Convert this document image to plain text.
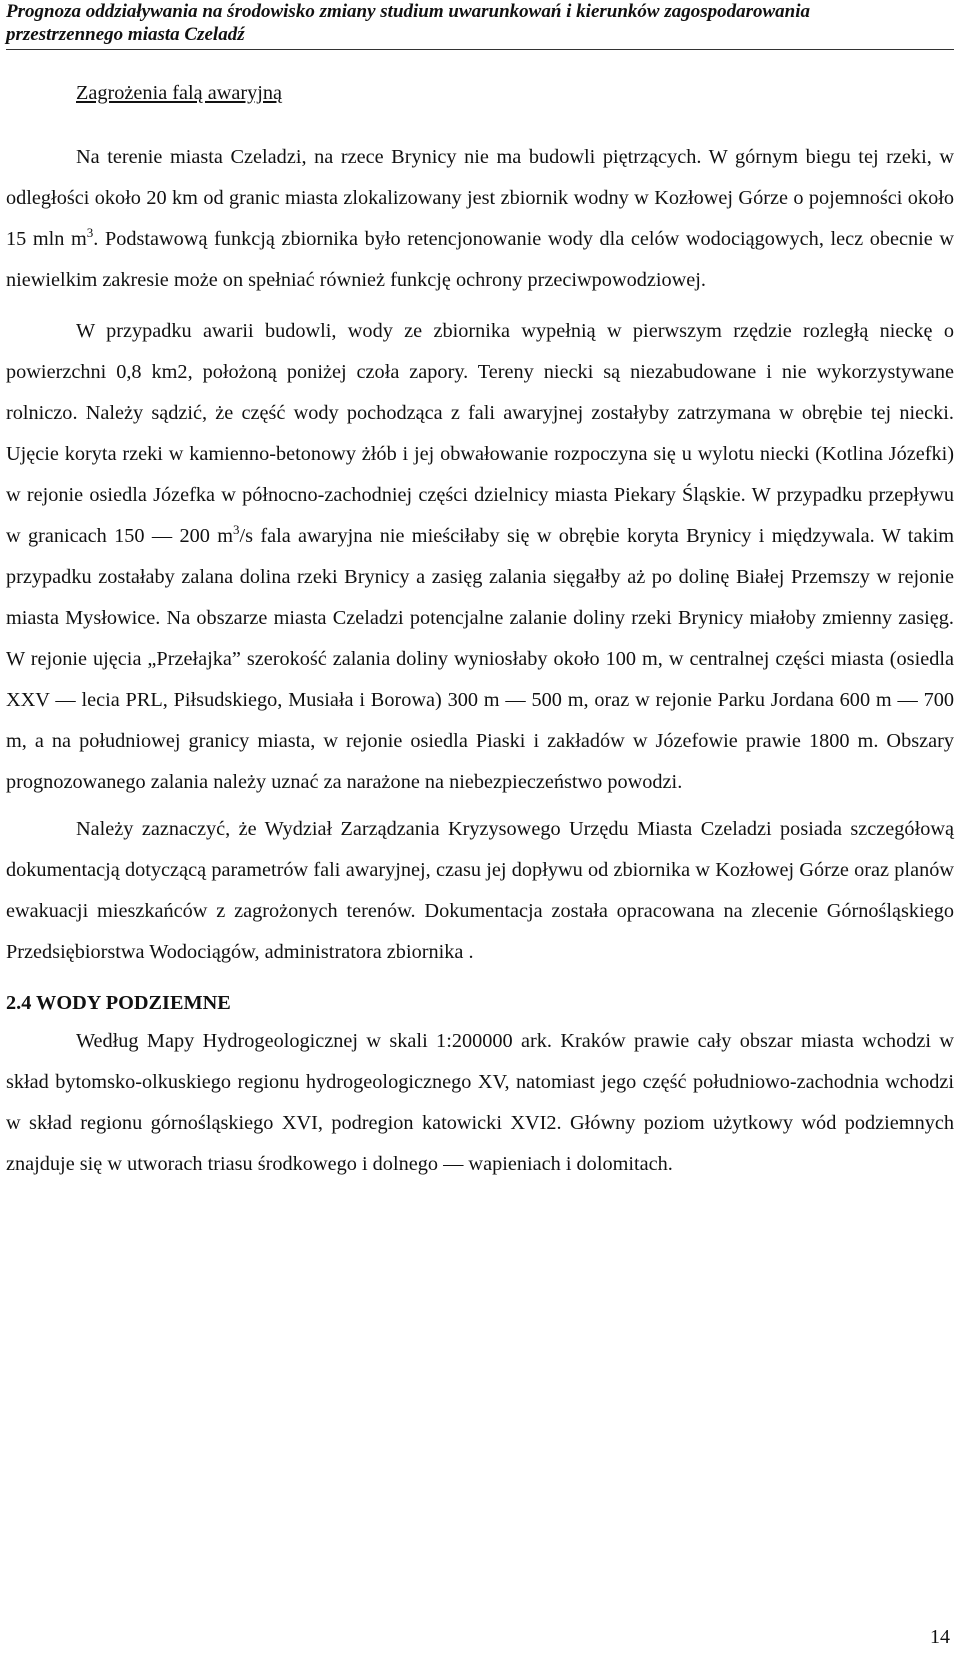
Prognoza oddziaływania na środowisko zmiany studium uwarunkowań i kierunków zagospodarowania
przestrzennego miasta Czeladź
Zagrożenia falą awaryjną

Na terenie miasta Czeladzi, na rzece Brynicy nie ma budowli piętrzących. W górnym biegu tej rzeki, w odległości około 20 km od granic miasta zlokalizowany jest zbiornik wodny w Kozłowej Górze o pojemności około 15 mln $m^3$. Podstawową funkcją zbiornika było retencjonowanie wody dla celów wodociągowych, lecz obecnie w niewielkim zakresie może on spełniać również funkcję ochrony przeciwpowodziowej.

W przypadku awarii budowli, wody ze zbiornika wypełnią w pierwszym rzędzie rozległą nieckę o powierzchni 0,8 km2, położoną poniżej czoła zapory. Tereny niecki są niezabudowane i nie wykorzystywane rolniczo. Należy sądzić, że część wody pochodząca z fali awaryjnej zostałyby zatrzymana w obrębie tej niecki. Ujęcie koryta rzeki w kamienno-betonowy żłób i jej obwałowanie rozpoczyna się u wylotu niecki (Kotlina Józefki) w rejonie osiedla Józefka w północno-zachodniej części dzielnicy miasta Piekary Śląskie. W przypadku przepływu w granicach 150 — 200 $m^3/s$ fala awaryjna nie mieściłaby się w obrębie koryta Brynicy i międzywala. W takim przypadku zostałaby zalana dolina rzeki Brynicy a zasięg zalania sięgałby aż po dolinę Białej Przemszy w rejonie miasta Mysłowice. Na obszarze miasta Czeladzi potencjalne zalanie doliny rzeki Brynicy miałoby zmienny zasięg. W rejonie ujęcia „Przełajka” szerokość zalania doliny wyniosłaby około 100 m, w centralnej części miasta (osiedla XXV — lecia PRL, Piłsudskiego, Musiała i Borowa) 300 m — 500 m, oraz w rejonie Parku Jordana 600 m — 700 m, a na południowej granicy miasta, w rejonie osiedla Piaski i zakładów w Józefowie prawie 1800 m. Obszary prognozowanego zalania należy uznać za narażone na niebezpieczeństwo powodzi.

Należy zaznaczyć, że Wydział Zarządzania Kryzysowego Urzędu Miasta Czeladzi posiada szczegółową dokumentacją dotyczącą parametrów fali awaryjnej, czasu jej dopływu od zbiornika w Kozłowej Górze oraz planów ewakuacji mieszkańców z zagrożonych terenów. Dokumentacja została opracowana na zlecenie Górnośląskiego Przedsiębiorstwa Wodociągów, administratora zbiornika .

2.4 WODY PODZIEMNE

Według Mapy Hydrogeologicznej w skali 1:200000 ark. Kraków prawie cały obszar miasta wchodzi w skład bytomsko-olkuskiego regionu hydrogeologicznego XV, natomiast jego część południowo-zachodnia wchodzi w skład regionu górnośląskiego XVI, podregion katowicki XVI2. Główny poziom użytkowy wód podziemnych znajduje się w utworach triasu środkowego i dolnego — wapieniach i dolomitach.

14
